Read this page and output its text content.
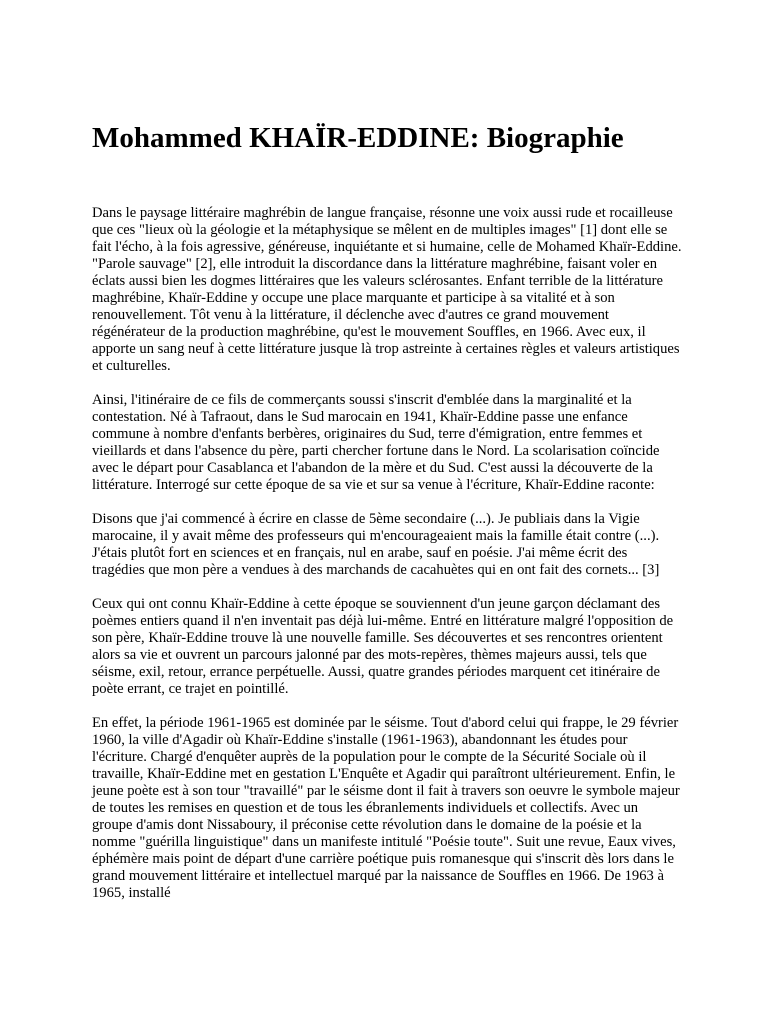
Mohammed KHAÏR-EDDINE: Biographie

Dans le paysage littéraire maghrébin de langue française, résonne une voix aussi rude et rocailleuse que ces "lieux où la géologie et la métaphysique se mêlent en de multiples images" [1] dont elle se fait l'écho, à la fois agressive, généreuse, inquiétante et si humaine, celle de Mohamed Khaïr-Eddine. "Parole sauvage" [2], elle introduit la discordance dans la littérature maghrébine, faisant voler en éclats aussi bien les dogmes littéraires que les valeurs sclérosantes. Enfant terrible de la littérature maghrébine, Khaïr-Eddine y occupe une place marquante et participe à sa vitalité et à son renouvellement. Tôt venu à la littérature, il déclenche avec d'autres ce grand mouvement régénérateur de la production maghrébine, qu'est le mouvement Souffles, en 1966. Avec eux, il apporte un sang neuf à cette littérature jusque là trop astreinte à certaines règles et valeurs artistiques et culturelles.

Ainsi, l'itinéraire de ce fils de commerçants soussi s'inscrit d'emblée dans la marginalité et la contestation. Né à Tafraout, dans le Sud marocain en 1941, Khaïr-Eddine passe une enfance commune à nombre d'enfants berbères, originaires du Sud, terre d'émigration, entre femmes et vieillards et dans l'absence du père, parti chercher fortune dans le Nord. La scolarisation coïncide avec le départ pour Casablanca et l'abandon de la mère et du Sud. C'est aussi la découverte de la littérature. Interrogé sur cette époque de sa vie et sur sa venue à l'écriture, Khaïr-Eddine raconte:

Disons que j'ai commencé à écrire en classe de 5ème secondaire (...). Je publiais dans la Vigie marocaine, il y avait même des professeurs qui m'encourageaient mais la famille était contre (...). J'étais plutôt fort en sciences et en français, nul en arabe, sauf en poésie. J'ai même écrit des tragédies que mon père a vendues à des marchands de cacahuètes qui en ont fait des cornets... [3]

Ceux qui ont connu Khaïr-Eddine à cette époque se souviennent d'un jeune garçon déclamant des poèmes entiers quand il n'en inventait pas déjà lui-même. Entré en littérature malgré l'opposition de son père, Khaïr-Eddine trouve là une nouvelle famille. Ses découvertes et ses rencontres orientent alors sa vie et ouvrent un parcours jalonné par des mots-repères, thèmes majeurs aussi, tels que séisme, exil, retour, errance perpétuelle. Aussi, quatre grandes périodes marquent cet itinéraire de poète errant, ce trajet en pointillé.

En effet, la période 1961-1965 est dominée par le séisme. Tout d'abord celui qui frappe, le 29 février 1960, la ville d'Agadir où Khaïr-Eddine s'installe (1961-1963), abandonnant les études pour l'écriture. Chargé d'enquêter auprès de la population pour le compte de la Sécurité Sociale où il travaille, Khaïr-Eddine met en gestation L'Enquête et Agadir qui paraîtront ultérieurement. Enfin, le jeune poète est à son tour "travaillé" par le séisme dont il fait à travers son oeuvre le symbole majeur de toutes les remises en question et de tous les ébranlements individuels et collectifs. Avec un groupe d'amis dont Nissaboury, il préconise cette révolution dans le domaine de la poésie et la nomme "guérilla linguistique" dans un manifeste intitulé "Poésie toute". Suit une revue, Eaux vives, éphémère mais point de départ d'une carrière poétique puis romanesque qui s'inscrit dès lors dans le grand mouvement littéraire et intellectuel marqué par la naissance de Souffles en 1966. De 1963 à 1965, installé
